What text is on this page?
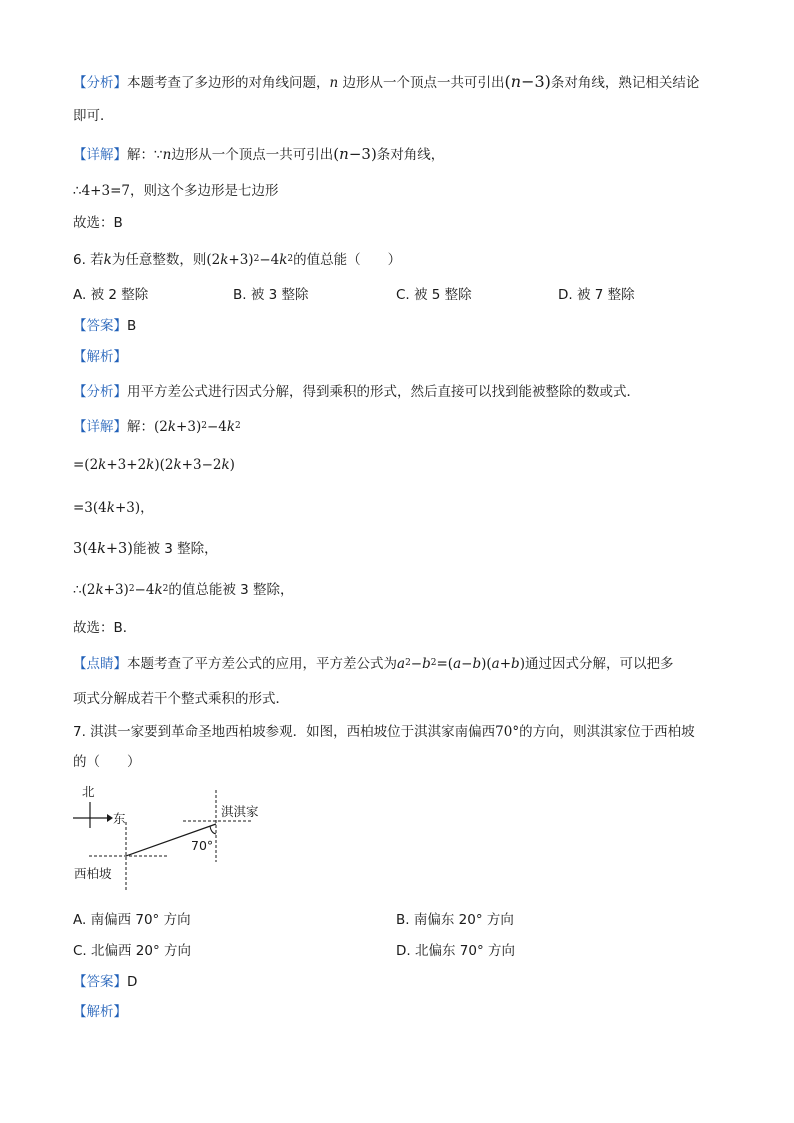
【分析】本题考查了多边形的对角线问题，n 边形从一个顶点一共可引出(n−3)条对角线，熟记相关结论
即可．
【详解】解：∵n边形从一个顶点一共可引出(n−3)条对角线，
∴4+3=7，则这个多边形是七边形
故选：B
6. 若k为任意整数，则$(2k+3)^2-4k^2$的值总能（　　）
A. 被 2 整除	B. 被 3 整除	C. 被 5 整除	D. 被 7 整除
【答案】B
【解析】
【分析】用平方差公式进行因式分解，得到乘积的形式，然后直接可以找到能被整除的数或式．
【详解】解：$(2k+3)^2-4k^2$
=(2k+3+2k)(2k+3−2k)
=3(4k+3)，
3(4k+3)能被 3 整除，
$\therefore(2k+3)^2-4k^2$的值总能被 3 整除，
故选：B．
【点睛】本题考查了平方差公式的应用，平方差公式为$a^2-b^2=(a-b)(a+b)$通过因式分解，可以把多
项式分解成若干个整式乘积的形式．
7. 淇淇一家要到革命圣地西柏坡参观．如图，西柏坡位于淇淇家南偏西70°的方向，则淇淇家位于西柏坡
的（　　）
北
东	淇淇家
西柏坡
70°
A. 南偏西 70° 方向	B. 南偏东 20° 方向
C. 北偏西 20° 方向	D. 北偏东 70° 方向
【答案】D
【解析】
